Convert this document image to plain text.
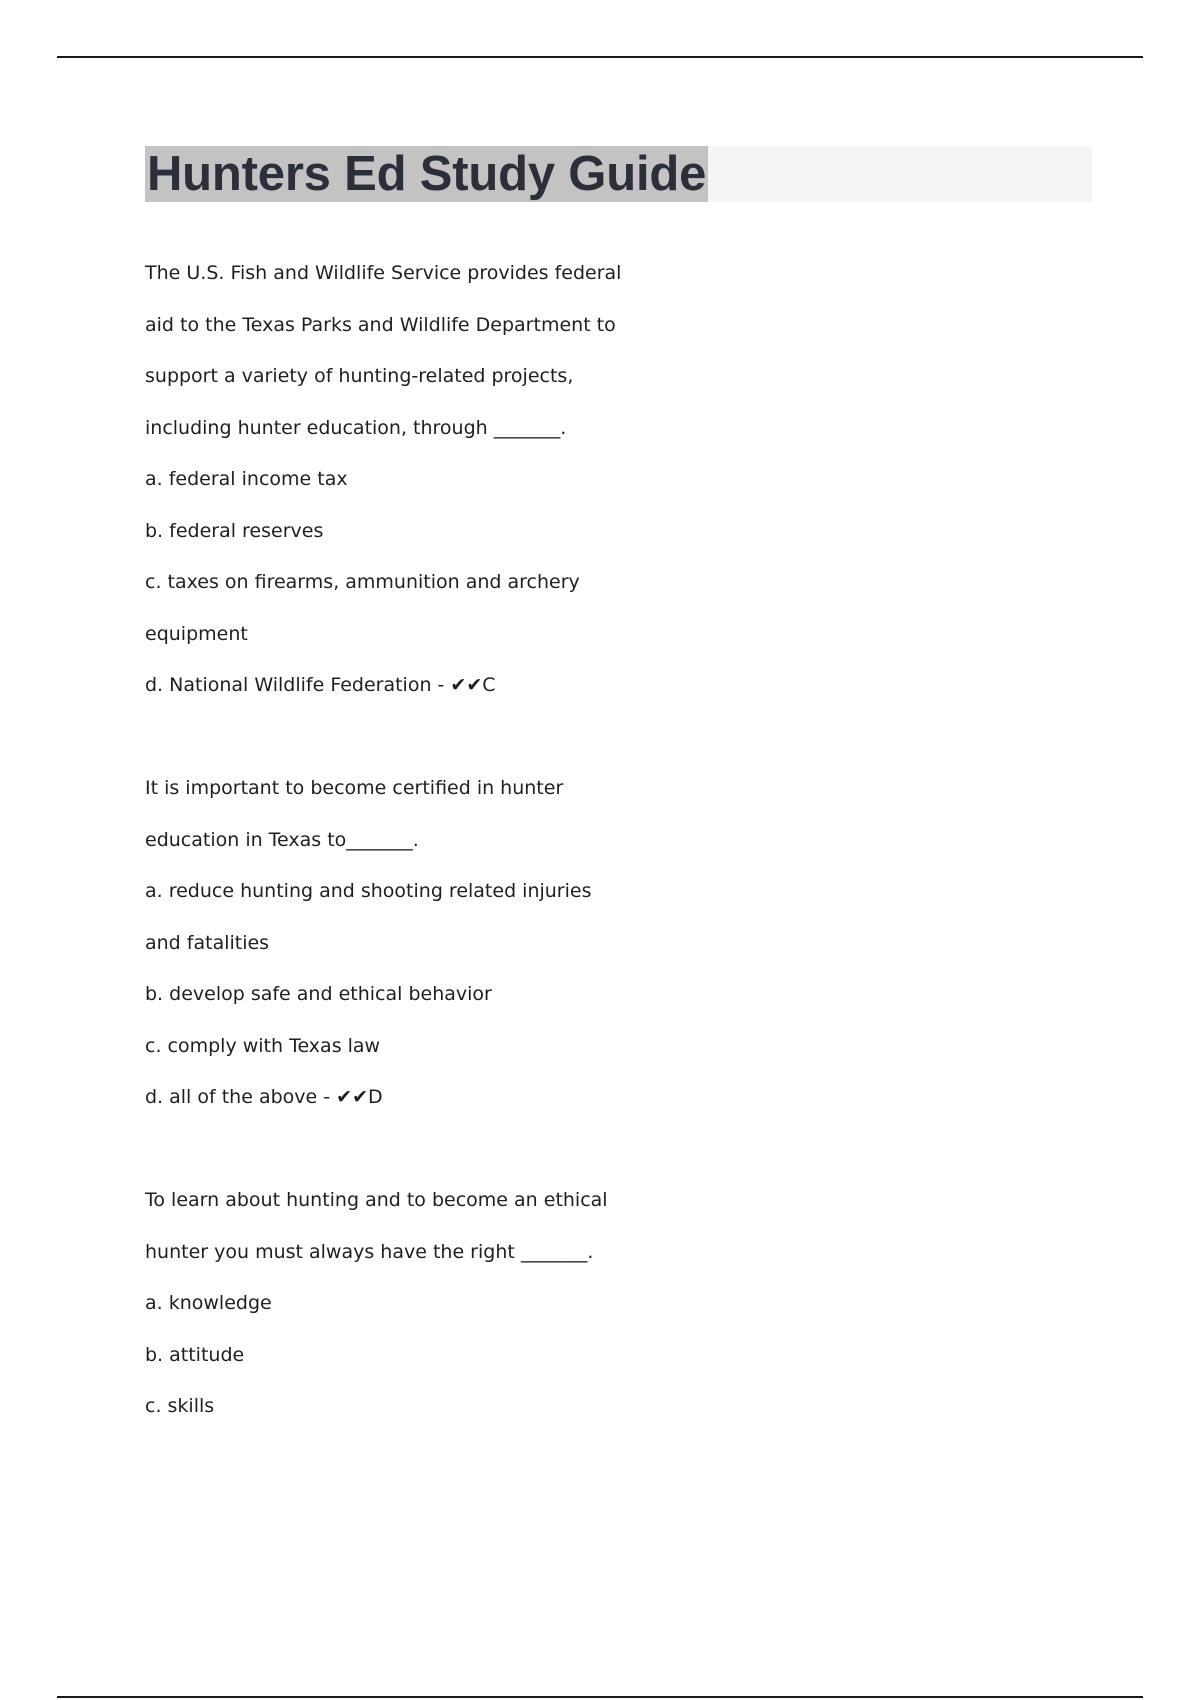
Hunters Ed Study Guide
The U.S. Fish and Wildlife Service provides federal
aid to the Texas Parks and Wildlife Department to
support a variety of hunting-related projects,
including hunter education, through _______.
a. federal income tax
b. federal reserves
c. taxes on firearms, ammunition and archery
equipment
d. National Wildlife Federation - ✔✔C
It is important to become certified in hunter
education in Texas to_______.
a. reduce hunting and shooting related injuries
and fatalities
b. develop safe and ethical behavior
c. comply with Texas law
d. all of the above - ✔✔D
To learn about hunting and to become an ethical
hunter you must always have the right _______.
a. knowledge
b. attitude
c. skills
